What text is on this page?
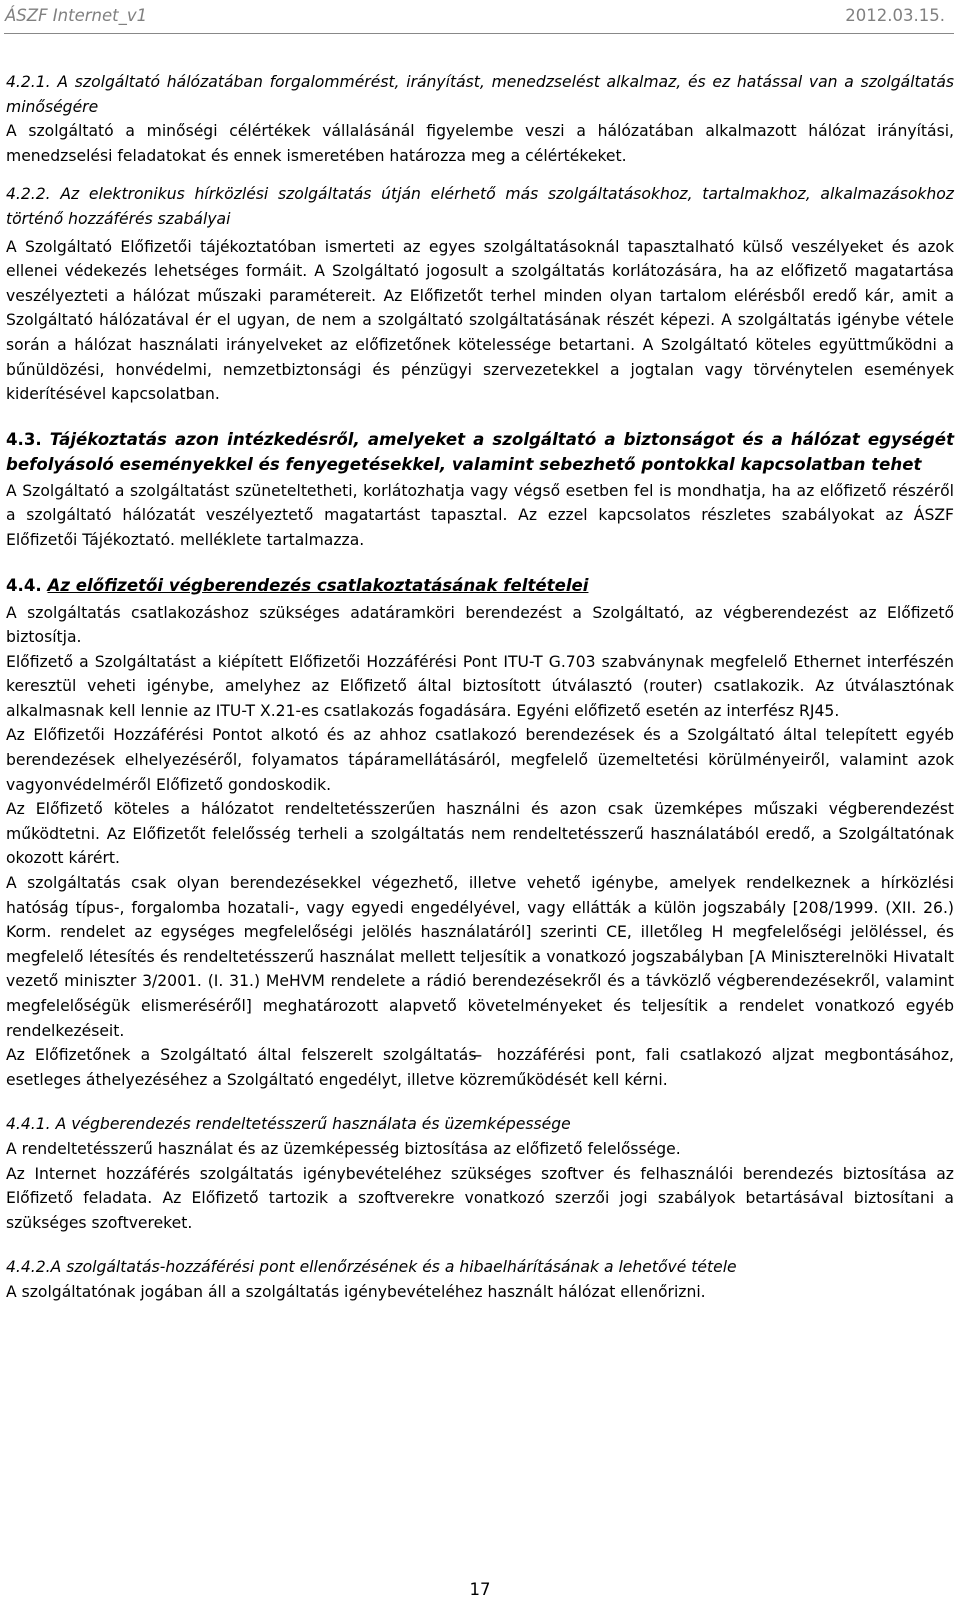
ÁSZF Internet_v1	2012.03.15.

4.2.1. A szolgáltató hálózatában forgalommérést, irányítást, menedzselést alkalmaz, és ez hatással van a szolgáltatás minőségére

A szolgáltató a minőségi célértékek vállalásánál figyelembe veszi a hálózatában alkalmazott hálózat irányítási, menedzselési feladatokat és ennek ismeretében határozza meg a célértékeket.

4.2.2. Az elektronikus hírközlési szolgáltatás útján elérhető más szolgáltatásokhoz, tartalmakhoz, alkalmazásokhoz történő hozzáférés szabályai

A Szolgáltató Előfizetői tájékoztatóban ismerteti az egyes szolgáltatásoknál tapasztalható külső veszélyeket és azok ellenei védekezés lehetséges formáit. A Szolgáltató jogosult a szolgáltatás korlátozására, ha az előfizető magatartása veszélyezteti a hálózat műszaki paramétereit. Az Előfizetőt terhel minden olyan tartalom elérésből eredő kár, amit a Szolgáltató hálózatával ér el ugyan, de nem a szolgáltató szolgáltatásának részét képezi. A szolgáltatás igénybe vétele során a hálózat használati irányelveket az előfizetőnek kötelessége betartani. A Szolgáltató köteles együttműködni a bűnüldözési, honvédelmi, nemzetbiztonsági és pénzügyi szervezetekkel a jogtalan vagy törvénytelen események kiderítésével kapcsolatban.

4.3. Tájékoztatás azon intézkedésről, amelyeket a szolgáltató a biztonságot és a hálózat egységét befolyásoló eseményekkel és fenyegetésekkel, valamint sebezhető pontokkal kapcsolatban tehet

A Szolgáltató a szolgáltatást szüneteltetheti, korlátozhatja vagy végső esetben fel is mondhatja, ha az előfizető részéről a szolgáltató hálózatát veszélyeztető magatartást tapasztal. Az ezzel kapcsolatos részletes szabályokat az ÁSZF Előfizetői Tájékoztató. melléklete tartalmazza.

4.4. Az előfizetői végberendezés csatlakoztatásának feltételei

A szolgáltatás csatlakozáshoz szükséges adatáramköri berendezést a Szolgáltató, az végberendezést az Előfizető biztosítja.

Előfizető a Szolgáltatást a kiépített Előfizetői Hozzáférési Pont ITU-T G.703 szabványnak megfelelő Ethernet interfészén keresztül veheti igénybe, amelyhez az Előfizető által biztosított útválasztó (router) csatlakozik. Az útválasztónak alkalmasnak kell lennie az ITU-T X.21-es csatlakozás fogadására. Egyéni előfizető esetén az interfész RJ45.

Az Előfizetői Hozzáférési Pontot alkotó és az ahhoz csatlakozó berendezések és a Szolgáltató által telepített egyéb berendezések elhelyezéséről, folyamatos tápáramellátásáról, megfelelő üzemeltetési körülményeiről, valamint azok vagyonvédelméről Előfizető gondoskodik.

Az Előfizető köteles a hálózatot rendeltetésszerűen használni és azon csak üzemképes műszaki végberendezést működtetni. Az Előfizetőt felelősség terheli a szolgáltatás nem rendeltetésszerű használatából eredő, a Szolgáltatónak okozott kárért.

A szolgáltatás csak olyan berendezésekkel végezhető, illetve vehető igénybe, amelyek rendelkeznek a hírközlési hatóság típus-, forgalomba hozatali-, vagy egyedi engedélyével, vagy ellátták a külön jogszabály [208/1999. (XII. 26.) Korm. rendelet az egységes megfelelőségi jelölés használatáról] szerinti CE, illetőleg H megfelelőségi jelöléssel, és megfelelő létesítés és rendeltetésszerű használat mellett teljesítik a vonatkozó jogszabályban [A Miniszterelnöki Hivatalt vezető miniszter 3/2001. (I. 31.) MeHVM rendelete a rádió berendezésekről és a távközlő végberendezésekről, valamint megfelelőségük elismeréséről] meghatározott alapvető követelményeket és teljesítik a rendelet vonatkozó egyéb rendelkezéseit.

Az Előfizetőnek a Szolgáltató által felszerelt szolgáltatás ̶ hozzáférési pont, fali csatlakozó aljzat megbontásához, esetleges áthelyezéséhez a Szolgáltató engedélyt, illetve közreműködését kell kérni.

4.4.1. A végberendezés rendeltetésszerű használata és üzemképessége

A rendeltetésszerű használat és az üzemképesség biztosítása az előfizető felelőssége.

Az Internet hozzáférés szolgáltatás igénybevételéhez szükséges szoftver és felhasználói berendezés biztosítása az Előfizető feladata. Az Előfizető tartozik a szoftverekre vonatkozó szerzői jogi szabályok betartásával biztosítani a szükséges szoftvereket.

4.4.2.A szolgáltatás-hozzáférési pont ellenőrzésének és a hibaelhárításának a lehetővé tétele

A szolgáltatónak jogában áll a szolgáltatás igénybevételéhez használt hálózat ellenőrizni.

17
